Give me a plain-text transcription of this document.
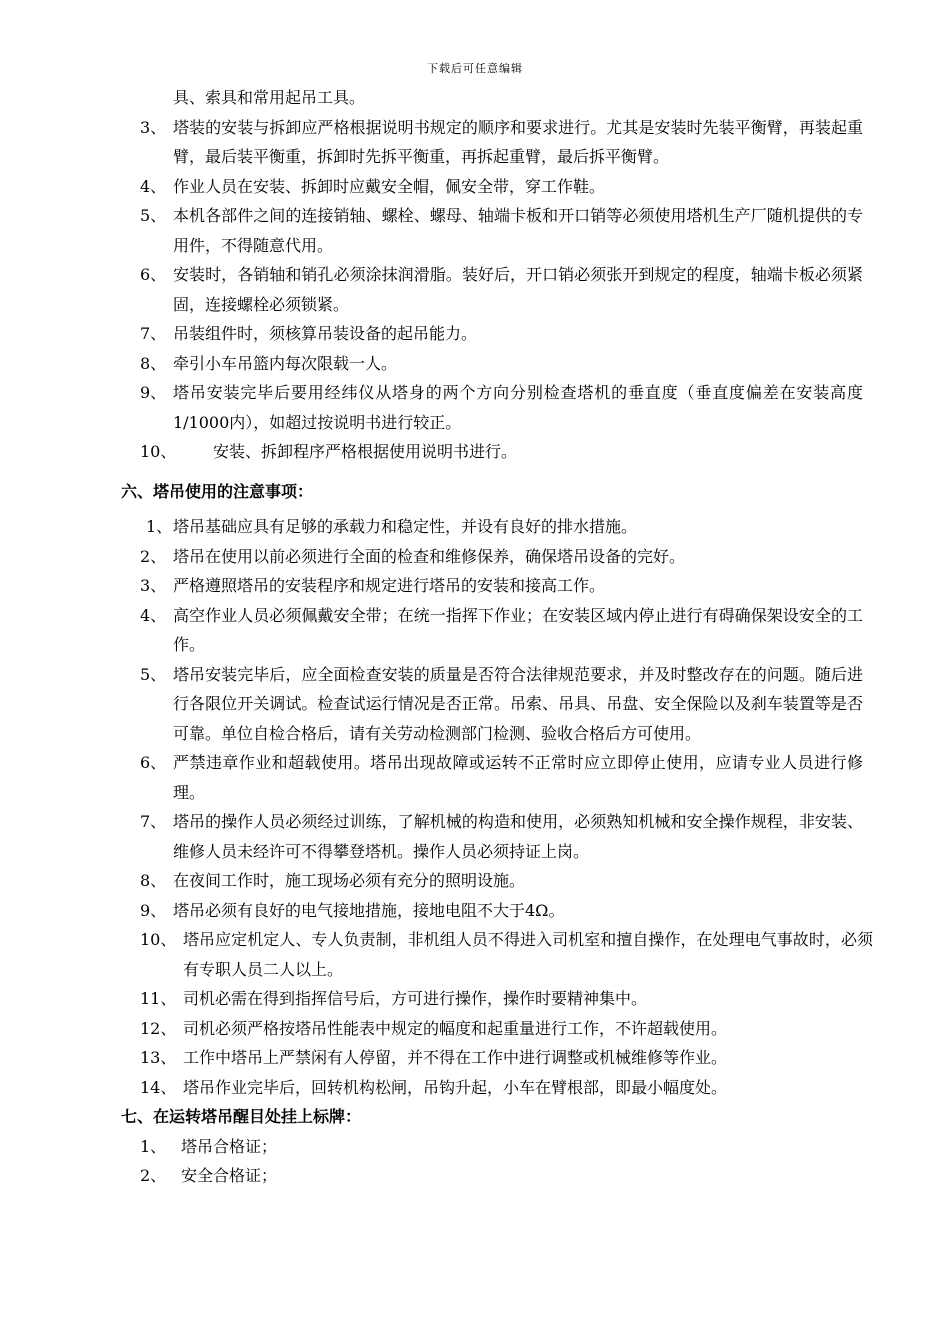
下载后可任意编辑
具、索具和常用起吊工具。
3、 塔装的安装与拆卸应严格根据说明书规定的顺序和要求进行。尤其是安装时先装平衡臂，再装起重臂，最后装平衡重，拆卸时先拆平衡重，再拆起重臂，最后拆平衡臂。
4、 作业人员在安装、拆卸时应戴安全帽，佩安全带，穿工作鞋。
5、 本机各部件之间的连接销轴、螺栓、螺母、轴端卡板和开口销等必须使用塔机生产厂随机提供的专用件，不得随意代用。
6、 安装时，各销轴和销孔必须涂抹润滑脂。装好后，开口销必须张开到规定的程度，轴端卡板必须紧固，连接螺栓必须锁紧。
7、 吊装组件时，须核算吊装设备的起吊能力。
8、 牵引小车吊篮内每次限载一人。
9、 塔吊安装完毕后要用经纬仪从塔身的两个方向分别检查塔机的垂直度（垂直度偏差在安装高度1/1000内），如超过按说明书进行较正。
10、 安装、拆卸程序严格根据使用说明书进行。
六、塔吊使用的注意事项：
1、 塔吊基础应具有足够的承载力和稳定性，并设有良好的排水措施。
2、 塔吊在使用以前必须进行全面的检查和维修保养，确保塔吊设备的完好。
3、 严格遵照塔吊的安装程序和规定进行塔吊的安装和接高工作。
4、 高空作业人员必须佩戴安全带；在统一指挥下作业；在安装区域内停止进行有碍确保架设安全的工作。
5、 塔吊安装完毕后，应全面检查安装的质量是否符合法律规范要求，并及时整改存在的问题。随后进行各限位开关调试。检查试运行情况是否正常。吊索、吊具、吊盘、安全保险以及刹车装置等是否可靠。单位自检合格后，请有关劳动检测部门检测、验收合格后方可使用。
6、 严禁违章作业和超载使用。塔吊出现故障或运转不正常时应立即停止使用，应请专业人员进行修理。
7、 塔吊的操作人员必须经过训练，了解机械的构造和使用，必须熟知机械和安全操作规程，非安装、维修人员未经许可不得攀登塔机。操作人员必须持证上岗。
8、 在夜间工作时，施工现场必须有充分的照明设施。
9、 塔吊必须有良好的电气接地措施，接地电阻不大于4Ω。
10、 塔吊应定机定人、专人负责制，非机组人员不得进入司机室和擅自操作，在处理电气事故时，必须有专职人员二人以上。
11、 司机必需在得到指挥信号后，方可进行操作，操作时要精神集中。
12、 司机必须严格按塔吊性能表中规定的幅度和起重量进行工作，不许超载使用。
13、 工作中塔吊上严禁闲有人停留，并不得在工作中进行调整或机械维修等作业。
14、 塔吊作业完毕后，回转机构松闸，吊钩升起，小车在臂根部，即最小幅度处。
七、在运转塔吊醒目处挂上标牌：
1、 塔吊合格证；
2、 安全合格证；
